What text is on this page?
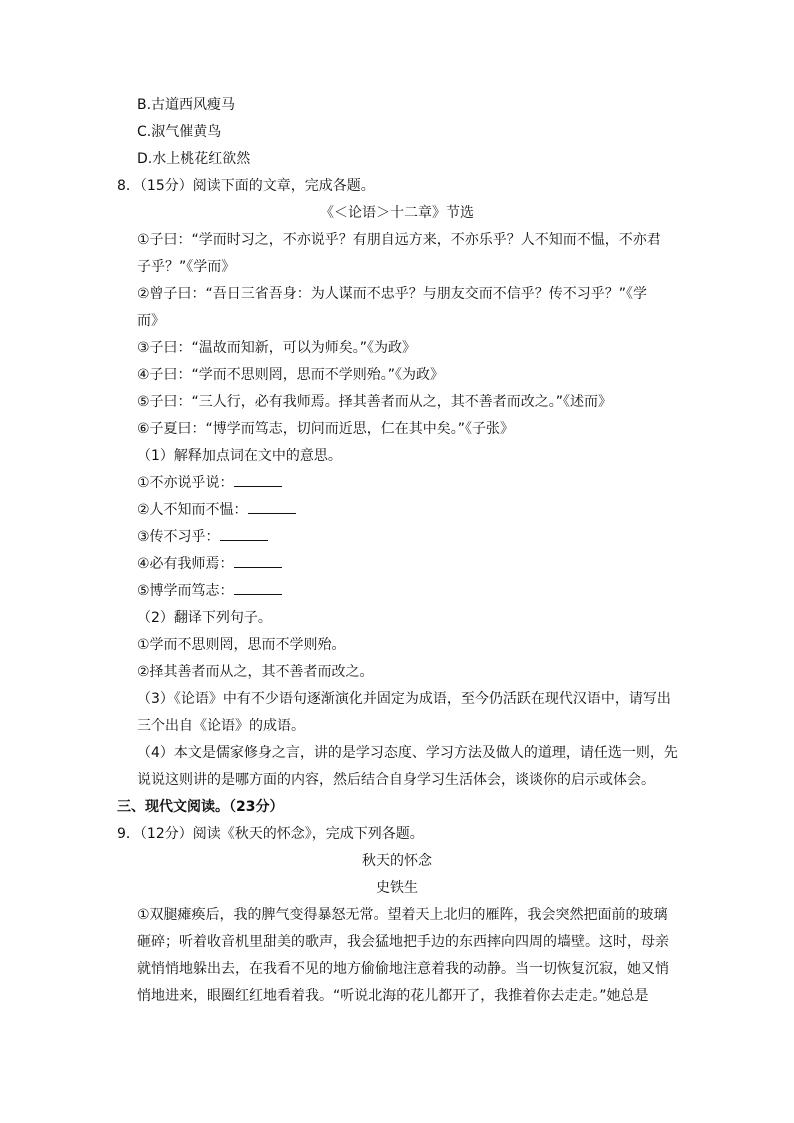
B.古道西风瘦马
C.淑气催黄鸟
D.水上桃花红欲然
8．（15分）阅读下面的文章，完成各题。
《＜论语＞十二章》节选
①子曰：“学而时习之，不亦说乎？有朋自远方来，不亦乐乎？人不知而不愠，不亦君
子乎？”《学而》
②曾子曰：“吾日三省吾身：为人谋而不忠乎？与朋友交而不信乎？传不习乎？”《学
而》
③子曰：“温故而知新，可以为师矣。”《为政》
④子曰：“学而不思则罔，思而不学则殆。”《为政》
⑤子曰：“三人行，必有我师焉。择其善者而从之，其不善者而改之。”《述而》
⑥子夏曰：“博学而笃志，切问而近思，仁在其中矣。”《子张》
（1）解释加点词在文中的意思。
①不亦说乎说：
②人不知而不愠：
③传不习乎：
④必有我师焉：
⑤博学而笃志：
（2）翻译下列句子。
①学而不思则罔，思而不学则殆。
②择其善者而从之，其不善者而改之。
（3）《论语》中有不少语句逐渐演化并固定为成语，至今仍活跃在现代汉语中，请写出
三个出自《论语》的成语。
（4）本文是儒家修身之言，讲的是学习态度、学习方法及做人的道理，请任选一则，先
说说这则讲的是哪方面的内容，然后结合自身学习生活体会，谈谈你的启示或体会。
三、现代文阅读。（23分）
9．（12分）阅读《秋天的怀念》，完成下列各题。
秋天的怀念
史铁生
①双腿瘫痪后，我的脾气变得暴怒无常。望着天上北归的雁阵，我会突然把面前的玻璃
砸碎；听着收音机里甜美的歌声，我会猛地把手边的东西摔向四周的墙壁。这时，母亲
就悄悄地躲出去，在我看不见的地方偷偷地注意着我的动静。当一切恢复沉寂，她又悄
悄地进来，眼圈红红地看着我。“听说北海的花儿都开了，我推着你去走走。”她总是
